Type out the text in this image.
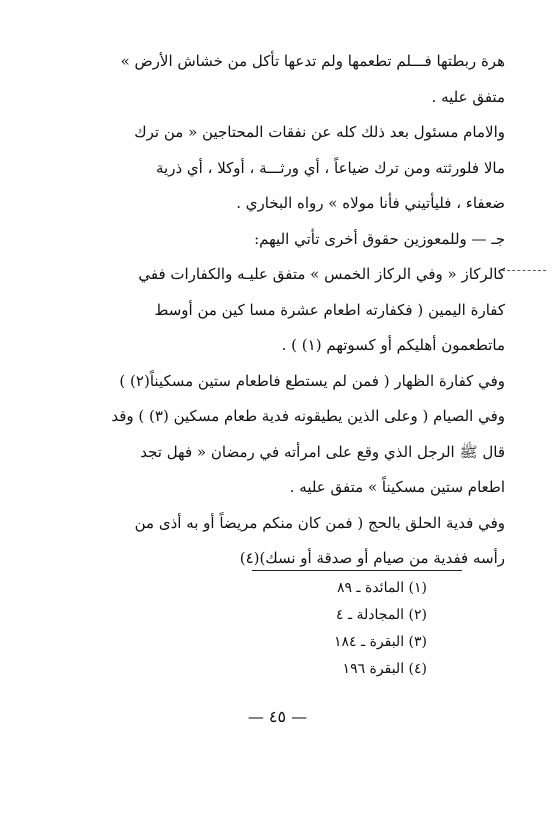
هرة ربطتها فـــلم تطعمها ولم تدعها تأكل من خشاش الأرض »
متفق عليه .
والامام مسئول بعد ذلك كله عن نفقات المحتاجين « من ترك
مالا فلورثته ومن ترك ضياعاً ، أي ورثـــة ، أوكلا ، أي ذرية
ضعفاء ، فليأتيني فأنا مولاه » رواه البخاري .
جـ — وللمعوزين حقوق أخرى تأتي اليهم:
كالركاز « وفي الركاز الخمس » متفق عليـه والكفارات ففي
كفارة اليمين ( فكفارته اطعام عشرة مسا كين من أوسط
ماتطعمون أهليكم أو كسوتهم (١) ) .
وفي كفارة الظهار ( فمن لم يستطع فاطعام ستين مسكيناً(٢) )
وفي الصيام ( وعلى الذين يطيقونه فدية طعام مسكين (٣) ) وقد
قال ﷺ الرجل الذي وقع على امرأته في رمضان « فهل تجد
اطعام ستين مسكيناً » متفق عليه .
وفي فدية الحلق بالحج ( فمن كان منكم مريضاً أو به أذى من
رأسه ففدية من صيام أو صدقة أو نسك)(٤)
(١) المائدة ـ ٨٩
(٢) المجادلة ـ ٤
(٣) البقرة ـ ١٨٤
(٤) البقرة ١٩٦
— ٤٥ —
